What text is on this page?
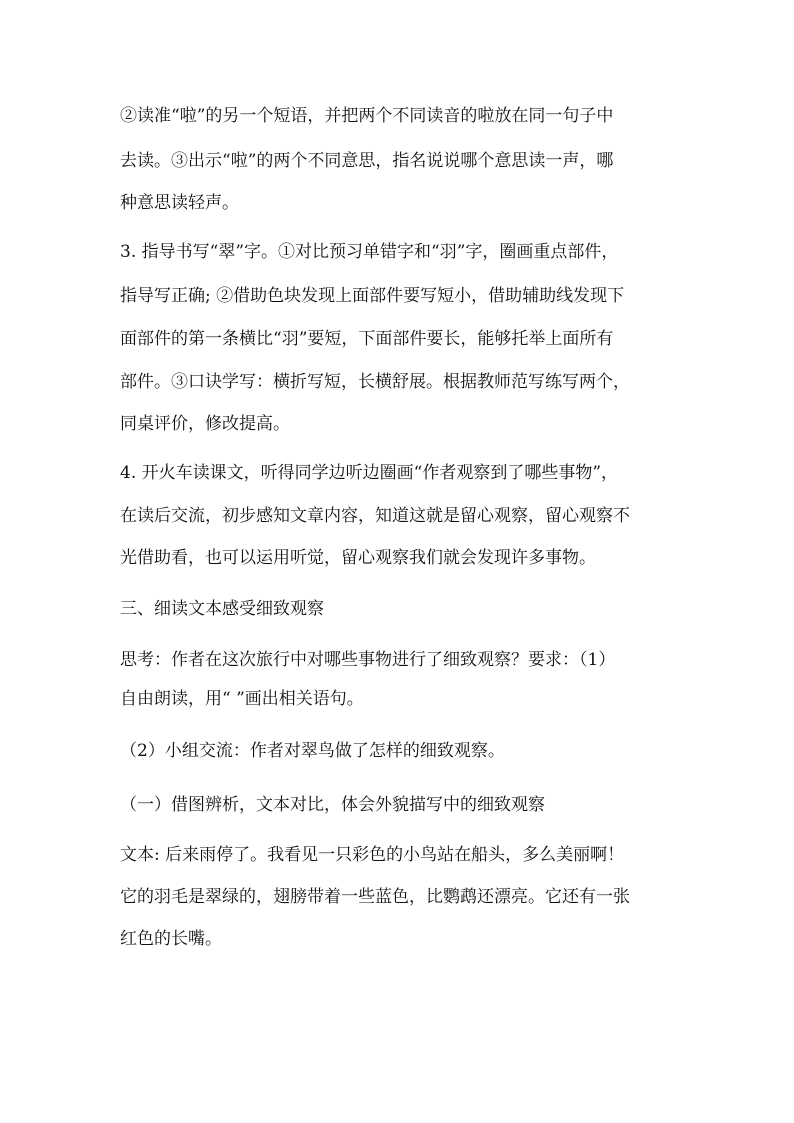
②读准“啦”的另一个短语，并把两个不同读音的啦放在同一句子中
去读。③出示“啦”的两个不同意思，指名说说哪个意思读一声，哪
种意思读轻声。
3. 指导书写“翠”字。①对比预习单错字和“羽”字，圈画重点部件，
指导写正确; ②借助色块发现上面部件要写短小，借助辅助线发现下
面部件的第一条横比“羽”要短，下面部件要长，能够托举上面所有
部件。③口诀学写：横折写短，长横舒展。根据教师范写练写两个，
同桌评价，修改提高。
4. 开火车读课文，听得同学边听边圈画“作者观察到了哪些事物”，
在读后交流，初步感知文章内容，知道这就是留心观察，留心观察不
光借助看，也可以运用听觉，留心观察我们就会发现许多事物。
三、细读文本感受细致观察
思考：作者在这次旅行中对哪些事物进行了细致观察？要求：（1）
自由朗读，用“ ”画出相关语句。
（2）小组交流：作者对翠鸟做了怎样的细致观察。
（一）借图辨析，文本对比，体会外貌描写中的细致观察
文本: 后来雨停了。我看见一只彩色的小鸟站在船头，多么美丽啊！
它的羽毛是翠绿的，翅膀带着一些蓝色，比鹦鹉还漂亮。它还有一张
红色的长嘴。
